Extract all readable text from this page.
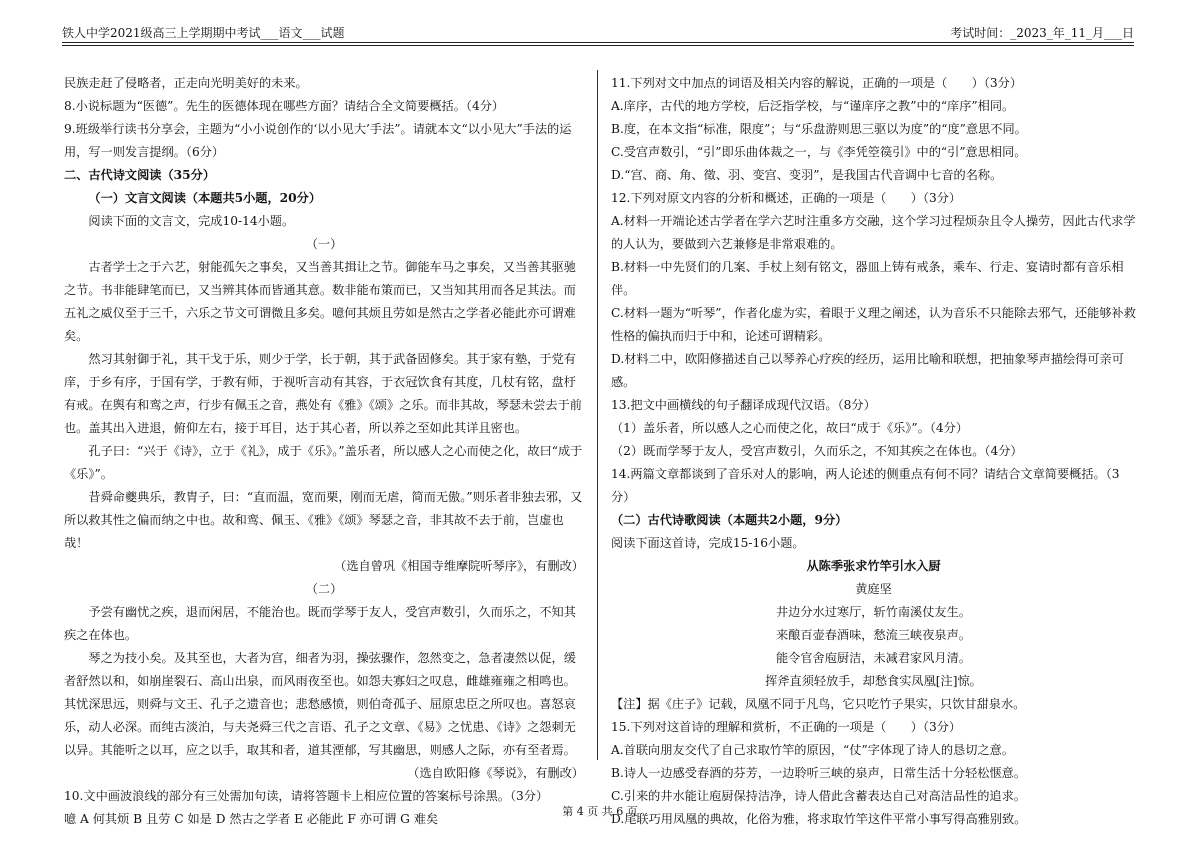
铁人中学2021级高三上学期期中考试___语文___试题	考试时间：_2023_年_11_月___日

民族走赶了侵略者，正走向光明美好的未来。

8.小说标题为“医德”。先生的医德体现在哪些方面？请结合全文简要概括。（4分）

9.班级举行读书分享会，主题为“小小说创作的‘以小见大’手法”。请就本文“以小见大”手法的运用，写一则发言提纲。（6分）

二、古代诗文阅读（35分）

（一）文言文阅读（本题共5小题，20分）

阅读下面的文言文，完成10-14小题。

（一）

古者学士之于六艺，射能孤矢之事矣，又当善其揖让之节。御能车马之事矣，又当善其驱驰之节。书非能肆笔而已，又当辨其体而皆通其意。数非能布策而已，又当知其用而各足其法。而五礼之威仪至于三千，六乐之节文可谓微且多矣。噫何其烦且劳如是然古之学者必能此亦可谓难矣。

然习其射御于礼，其干戈于乐，则少于学，长于朝，其于武备固修矣。其于家有塾，于党有庠，于乡有序，于国有学，于教有师，于视听言动有其容，于衣冠饮食有其度，几杖有铭，盘杅有戒。在舆有和鸾之声，行步有佩玉之音，燕处有《雅》《颂》之乐。而非其故，琴瑟未尝去于前也。盖其出入进退，俯仰左右，接于耳目，达于其心者，所以养之至如此其详且密也。

孔子曰：“兴于《诗》，立于《礼》，成于《乐》。”盖乐者，所以感人之心而使之化，故曰“成于《乐》”。

昔舜命夔典乐，教胄子，曰：“直而温，宽而栗，刚而无虐，简而无傲。”则乐者非独去邪，又所以救其性之偏而纳之中也。故和鸾、佩玉、《雅》《颂》琴瑟之音，非其故不去于前，岂虚也哉！

（选自曾巩《相国寺维摩院听琴序》，有删改）

（二）

予尝有幽忧之疾，退而闲居，不能治也。既而学琴于友人，受宫声数引，久而乐之，不知其疾之在体也。

琴之为技小矣。及其至也，大者为宫，细者为羽，操弦骤作，忽然变之，急者凄然以促，缓者舒然以和，如崩崖裂石、高山出泉，而风雨夜至也。如怨夫寡妇之叹息，雌雄雍雍之相鸣也。其忧深思远，则舜与文王、孔子之遗音也；悲愁感愤，则伯奇孤子、屈原忠臣之所叹也。喜怒哀乐，动人必深。而纯古淡泊，与夫尧舜三代之言语、孔子之文章、《易》之忧患、《诗》之怨刺无以异。其能听之以耳，应之以手，取其和者，道其湮郁，写其幽思，则感人之际，亦有至者焉。

（选自欧阳修《琴说》，有删改）

10.文中画波浪线的部分有三处需加句读，请将答题卡上相应位置的答案标号涂黑。（3分）

噫 A 何其烦 B 且劳 C 如是 D 然古之学者 E 必能此 F 亦可谓 G 难矣

11.下列对文中加点的词语及相关内容的解说，正确的一项是（　　）（3分）

A.庠序，古代的地方学校，后泛指学校，与“谨庠序之教”中的“庠序”相同。

B.度，在本文指“标准，限度”；与“乐盘游则思三驱以为度”的“度”意思不同。

C.受宫声数引，“引”即乐曲体裁之一，与《李凭箜篌引》中的“引”意思相同。

D.“宫、商、角、徵、羽、变宫、变羽”，是我国古代音调中七音的名称。

12.下列对原文内容的分析和概述，正确的一项是（　　）（3分）

A.材料一开端论述古学者在学六艺时注重多方交融，这个学习过程烦杂且令人操劳，因此古代求学的人认为，要做到六艺兼修是非常艰难的。

B.材料一中先贤们的几案、手杖上刻有铭文，器皿上铸有戒条，乘车、行走、宴请时都有音乐相伴。

C.材料一题为“听琴”，作者化虚为实，着眼于义理之阐述，认为音乐不只能除去邪气，还能够补救性格的偏执而归于中和，论述可谓精彩。

D.材料二中，欧阳修描述自己以琴养心疗疾的经历，运用比喻和联想，把抽象琴声描绘得可亲可感。

13.把文中画横线的句子翻译成现代汉语。（8分）

（1）盖乐者，所以感人之心而使之化，故曰“成于《乐》”。（4分）

（2）既而学琴于友人，受宫声数引，久而乐之，不知其疾之在体也。（4分）

14.两篇文章都谈到了音乐对人的影响，两人论述的侧重点有何不同？请结合文章简要概括。（3分）

（二）古代诗歌阅读（本题共2小题，9分）

阅读下面这首诗，完成15-16小题。

从陈季张求竹竿引水入厨

黄庭坚

井边分水过寒厅，斩竹南溪仗友生。

来酿百壶春酒味，愁流三峡夜泉声。

能令官舍庖厨洁，未减君家风月清。

挥斧直须轻放手，却愁食实凤凰[注]惊。

【注】据《庄子》记载，凤凰不同于凡鸟，它只吃竹子果实，只饮甘甜泉水。

15.下列对这首诗的理解和赏析，不正确的一项是（　　）（3分）

A.首联向朋友交代了自己求取竹竿的原因，“仗”字体现了诗人的恳切之意。

B.诗人一边感受春酒的芬芳，一边聆听三峡的泉声，日常生活十分轻松惬意。

C.引来的井水能让庖厨保持洁净，诗人借此含蓄表达自己对高洁品性的追求。

D.尾联巧用凤凰的典故，化俗为雅，将求取竹竿这件平常小事写得高雅别致。

第 4 页 共 6 页
